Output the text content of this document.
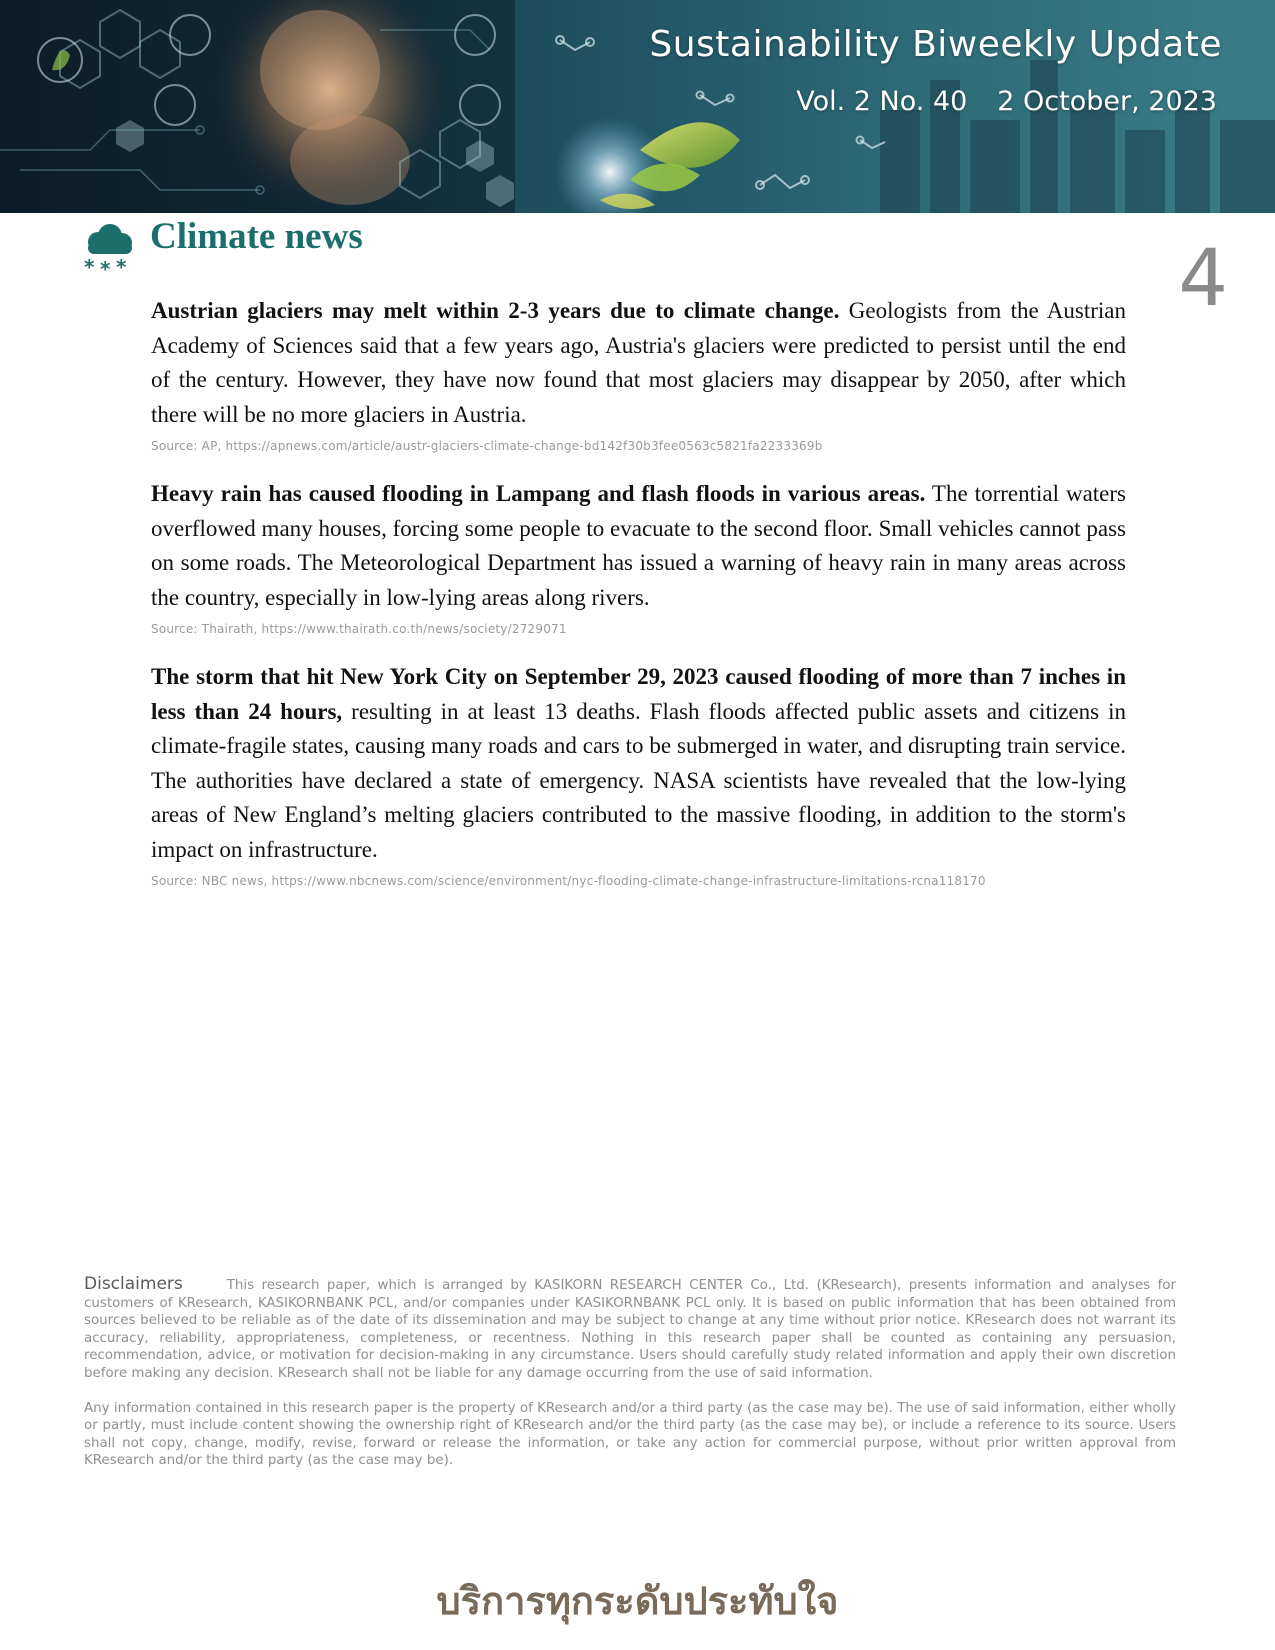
Sustainability Biweekly Update
Vol. 2 No. 40 2 October, 2023
* * *
Climate news	4

Austrian glaciers may melt within 2-3 years due to climate change. Geologists from the Austrian Academy of Sciences said that a few years ago, Austria's glaciers were predicted to persist until the end of the century. However, they have now found that most glaciers may disappear by 2050, after which there will be no more glaciers in Austria.

Source: AP, https://apnews.com/article/austr-glaciers-climate-change-bd142f30b3fee0563c5821fa2233369b

Heavy rain has caused flooding in Lampang and flash floods in various areas. The torrential waters overflowed many houses, forcing some people to evacuate to the second floor. Small vehicles cannot pass on some roads. The Meteorological Department has issued a warning of heavy rain in many areas across the country, especially in low-lying areas along rivers.

Source: Thairath, https://www.thairath.co.th/news/society/2729071

The storm that hit New York City on September 29, 2023 caused flooding of more than 7 inches in less than 24 hours, resulting in at least 13 deaths. Flash floods affected public assets and citizens in climate-fragile states, causing many roads and cars to be submerged in water, and disrupting train service. The authorities have declared a state of emergency. NASA scientists have revealed that the low-lying areas of New England’s melting glaciers contributed to the massive flooding, in addition to the storm's impact on infrastructure.

Source: NBC news, https://www.nbcnews.com/science/environment/nyc-flooding-climate-change-infrastructure-limitations-rcna118170

Disclaimers	This research paper, which is arranged by KASIKORN RESEARCH CENTER Co., Ltd. (KResearch), presents information and analyses for customers of KResearch, KASIKORNBANK PCL, and/or companies under KASIKORNBANK PCL only. It is based on public information that has been obtained from sources believed to be reliable as of the date of its dissemination and may be subject to change at any time without prior notice. KResearch does not warrant its accuracy, reliability, appropriateness, completeness, or recentness. Nothing in this research paper shall be counted as containing any persuasion, recommendation, advice, or motivation for decision-making in any circumstance. Users should carefully study related information and apply their own discretion before making any decision. KResearch shall not be liable for any damage occurring from the use of said information.

Any information contained in this research paper is the property of KResearch and/or a third party (as the case may be). The use of said information, either wholly or partly, must include content showing the ownership right of KResearch and/or the third party (as the case may be), or include a reference to its source. Users shall not copy, change, modify, revise, forward or release the information, or take any action for commercial purpose, without prior written approval from KResearch and/or the third party (as the case may be).

บริการทุกระดับประทับใจ
